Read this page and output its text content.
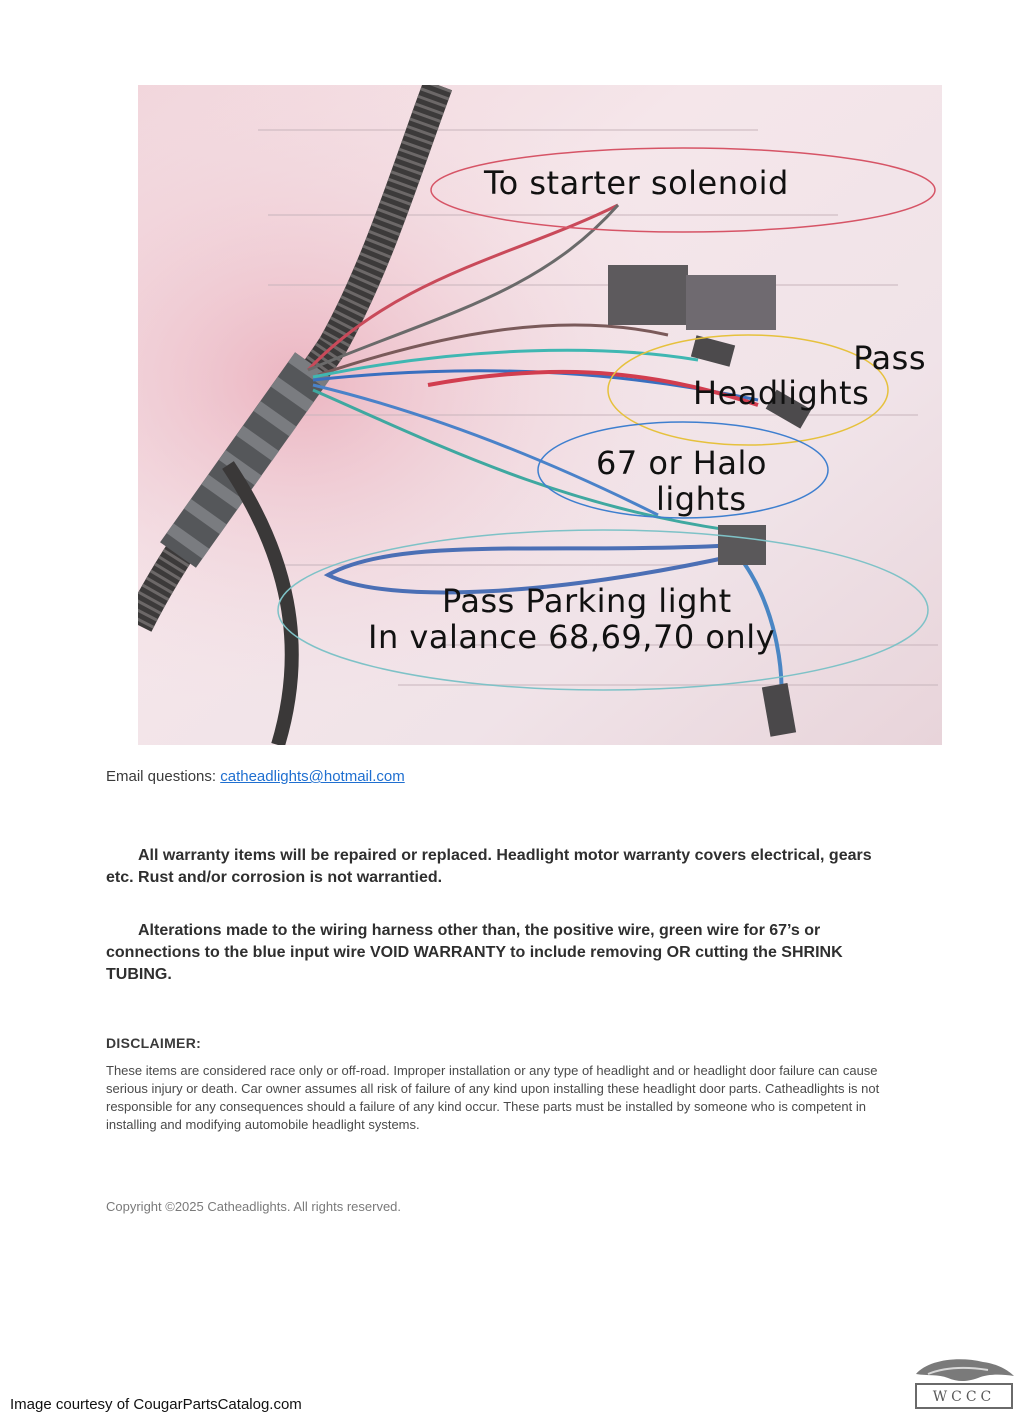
To starter solenoid
Pass
Headlights
67 or Halo
lights
Pass Parking light
In valance 68,69,70 only
Email questions: catheadlights@hotmail.com

All warranty items will be repaired or replaced. Headlight motor warranty covers electrical, gears etc. Rust and/or corrosion is not warrantied.

Alterations made to the wiring harness other than, the positive wire, green wire for 67’s or connections to the blue input wire VOID WARRANTY to include removing OR cutting the SHRINK TUBING.

DISCLAIMER:

These items are considered race only or off-road. Improper installation or any type of headlight and or headlight door failure can cause serious injury or death. Car owner assumes all risk of failure of any kind upon installing these headlight door parts. Catheadlights is not responsible for any consequences should a failure of any kind occur. These parts must be installed by someone who is competent in installing and modifying automobile headlight systems.

Copyright ©2025 Catheadlights. All rights reserved.
Image courtesy of CougarPartsCatalog.com	WCCC
